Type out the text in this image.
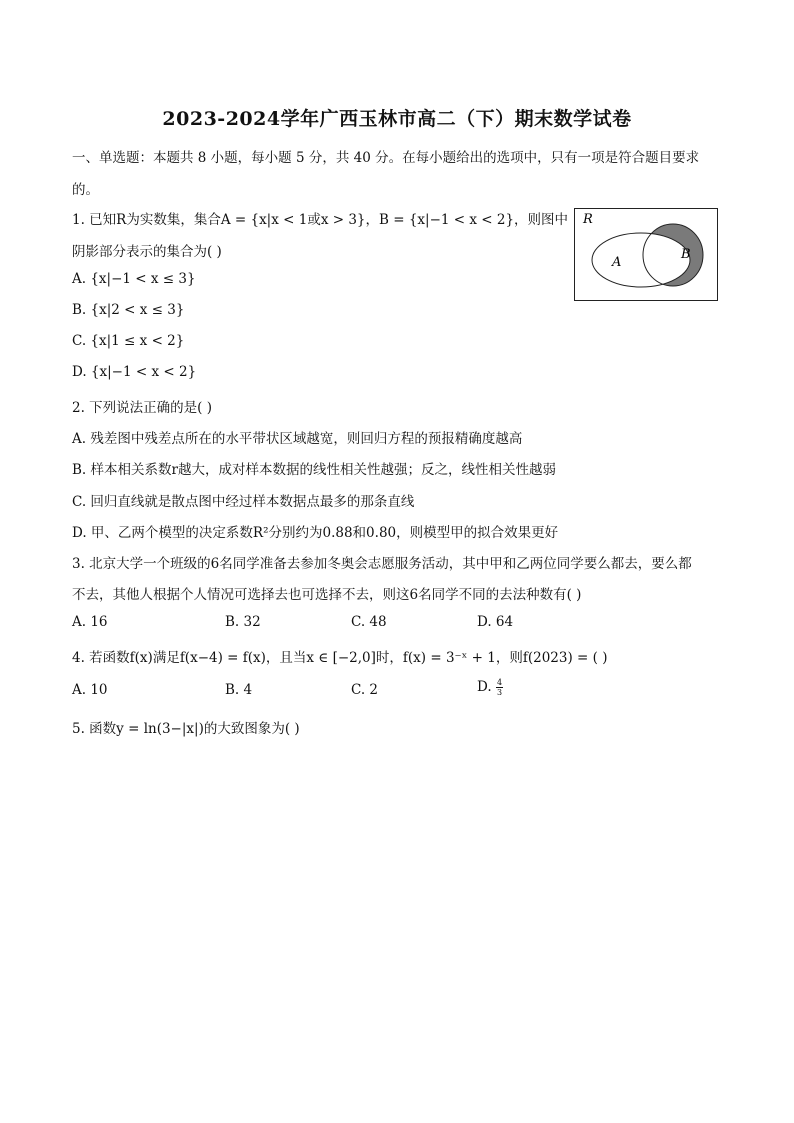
2023-2024学年广西玉林市高二（下）期末数学试卷
一、单选题：本题共 8 小题，每小题 5 分，共 40 分。在每小题给出的选项中，只有一项是符合题目要求
的。
1. 已知R为实数集，集合A = {x|x < 1或x > 3}，B = {x|−1 < x < 2}，则图中
阴影部分表示的集合为( )
A. {x|−1 < x ≤ 3}
B. {x|2 < x ≤ 3}
C. {x|1 ≤ x < 2}
D. {x|−1 < x < 2}
R
A
B
2. 下列说法正确的是( )
A. 残差图中残差点所在的水平带状区域越宽，则回归方程的预报精确度越高
B. 样本相关系数r越大，成对样本数据的线性相关性越强；反之，线性相关性越弱
C. 回归直线就是散点图中经过样本数据点最多的那条直线
D. 甲、乙两个模型的决定系数R²分别约为0.88和0.80，则模型甲的拟合效果更好
3. 北京大学一个班级的6名同学准备去参加冬奥会志愿服务活动，其中甲和乙两位同学要么都去，要么都
不去，其他人根据个人情况可选择去也可选择不去，则这6名同学不同的去法种数有( )
A. 16	B. 32	C. 48	D. 64
4. 若函数f(x)满足f(x−4) = f(x)，且当x ∈ [−2,0]时，f(x) = 3⁻ˣ + 1，则f(2023) = ( )
A. 10	B. 4	C. 2	D. $\frac{4}{3}$
5. 函数y = ln(3−|x|)的大致图象为( )
